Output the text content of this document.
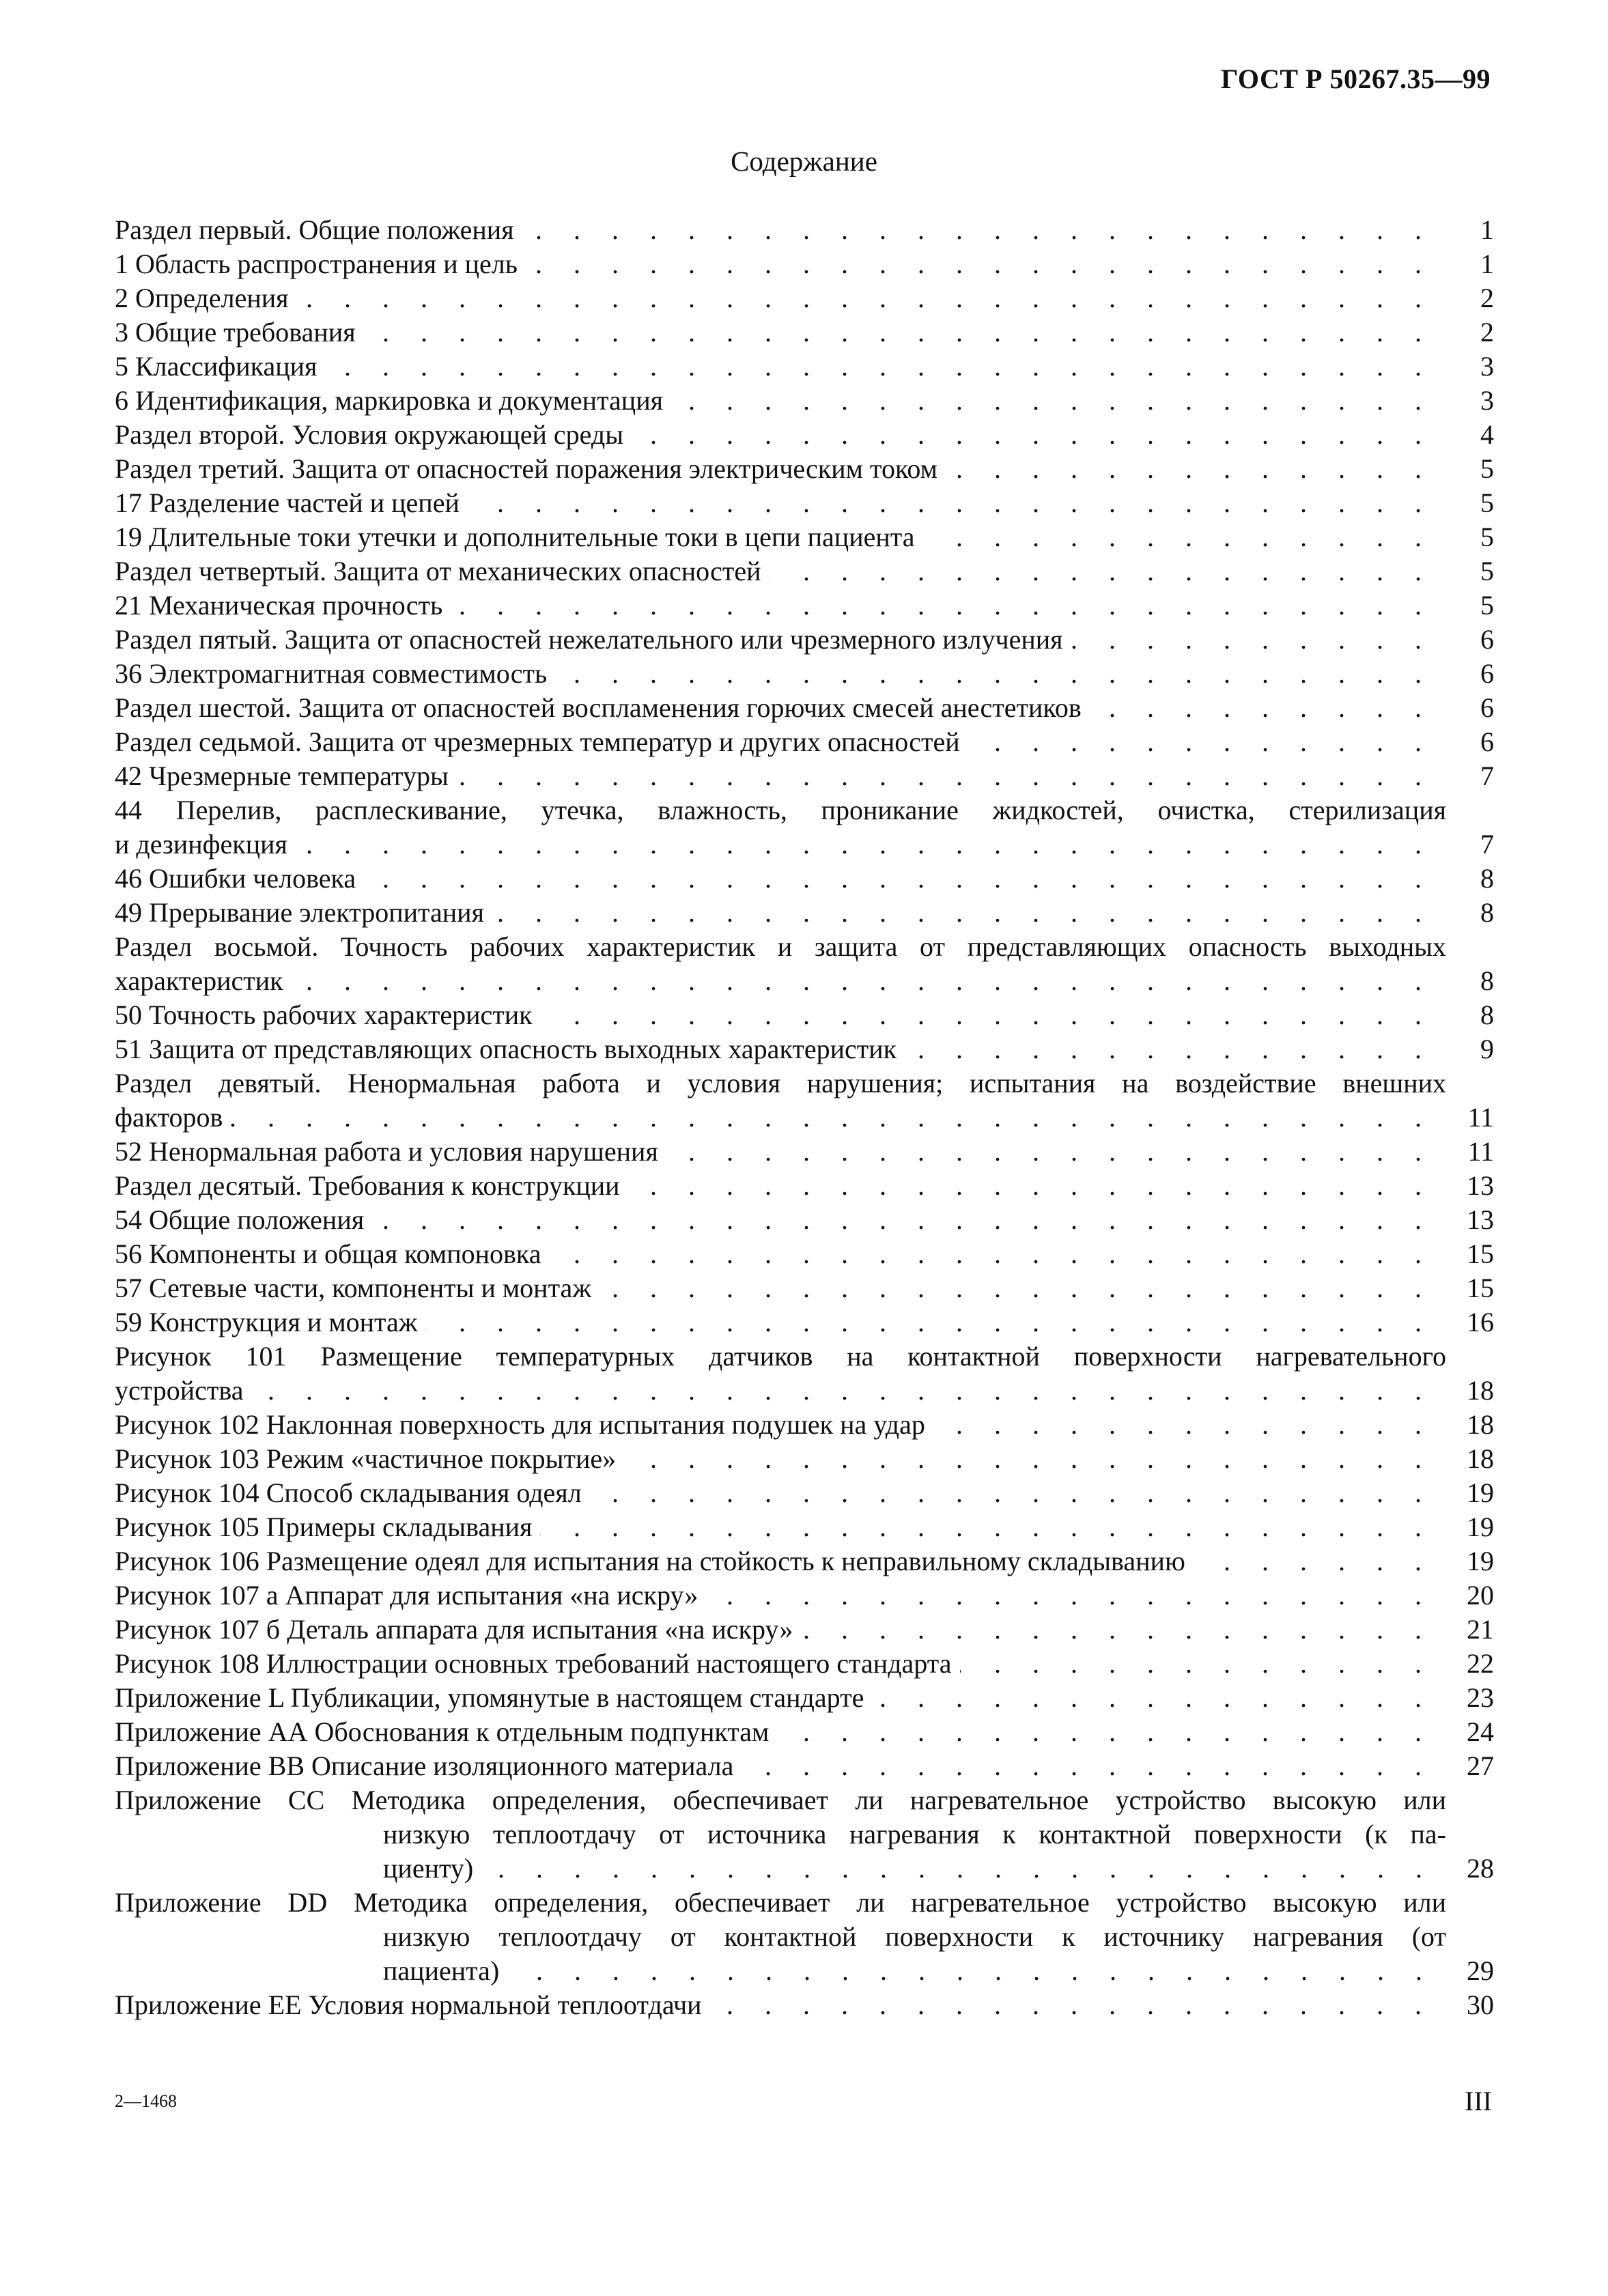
ГОСТ Р 50267.35—99
Содержание
Раздел первый. Общие положения . . .	1
1 Область распространения и цель . . .	1
2 Определения . . .	2
3 Общие требования . . .	2
5 Классификация . . .	3
6 Идентификация, маркировка и документация . . .	3
Раздел второй. Условия окружающей среды . . .	4
Раздел третий. Защита от опасностей поражения электрическим током . . .	5
17 Разделение частей и цепей . . .	5
19 Длительные токи утечки и дополнительные токи в цепи пациента . . .	5
Раздел четвертый. Защита от механических опасностей . . .	5
21 Механическая прочность . . .	5
Раздел пятый. Защита от опасностей нежелательного или чрезмерного излучения . . .	6
36 Электромагнитная совместимость . . .	6
Раздел шестой. Защита от опасностей воспламенения горючих смесей анестетиков . . .	6
Раздел седьмой. Защита от чрезмерных температур и других опасностей . . .	6
42 Чрезмерные температуры . . .	7
44 Перелив, расплескивание, утечка, влажность, проникание жидкостей, очистка, стерилизация
и дезинфекция . . .	7
46 Ошибки человека . . .	8
49 Прерывание электропитания . . .	8
Раздел восьмой. Точность рабочих характеристик и защита от представляющих опасность выходных
характеристик . . .	8
50 Точность рабочих характеристик . . .	8
51 Защита от представляющих опасность выходных характеристик . . .	9
Раздел девятый. Ненормальная работа и условия нарушения; испытания на воздействие внешних
факторов . . .	11
52 Ненормальная работа и условия нарушения . . .	11
Раздел десятый. Требования к конструкции . . .	13
54 Общие положения . . .	13
56 Компоненты и общая компоновка . . .	15
57 Сетевые части, компоненты и монтаж . . .	15
59 Конструкция и монтаж . . .	16
Рисунок 101 Размещение температурных датчиков на контактной поверхности нагревательного
устройства . . .	18
Рисунок 102 Наклонная поверхность для испытания подушек на удар . . .	18
Рисунок 103 Режим «частичное покрытие» . . .	18
Рисунок 104 Способ складывания одеял . . .	19
Рисунок 105 Примеры складывания . . .	19
Рисунок 106 Размещение одеял для испытания на стойкость к неправильному складыванию . . .	19
Рисунок 107 а Аппарат для испытания «на искру» . . .	20
Рисунок 107 б Деталь аппарата для испытания «на искру» . . .	21
Рисунок 108 Иллюстрации основных требований настоящего стандарта . . .	22
Приложение L Публикации, упомянутые в настоящем стандарте . . .	23
Приложение АА Обоснования к отдельным подпунктам . . .	24
Приложение ВВ Описание изоляционного материала . . .	27
Приложение CC Методика определения, обеспечивает ли нагревательное устройство высокую или
низкую теплоотдачу от источника нагревания к контактной поверхности (к па-
циенту) . . .	28
Приложение DD Методика определения, обеспечивает ли нагревательное устройство высокую или
низкую теплоотдачу от контактной поверхности к источнику нагревания (от
пациента) . . .	29
Приложение ЕЕ Условия нормальной теплоотдачи . . .	30
2—1468	III
